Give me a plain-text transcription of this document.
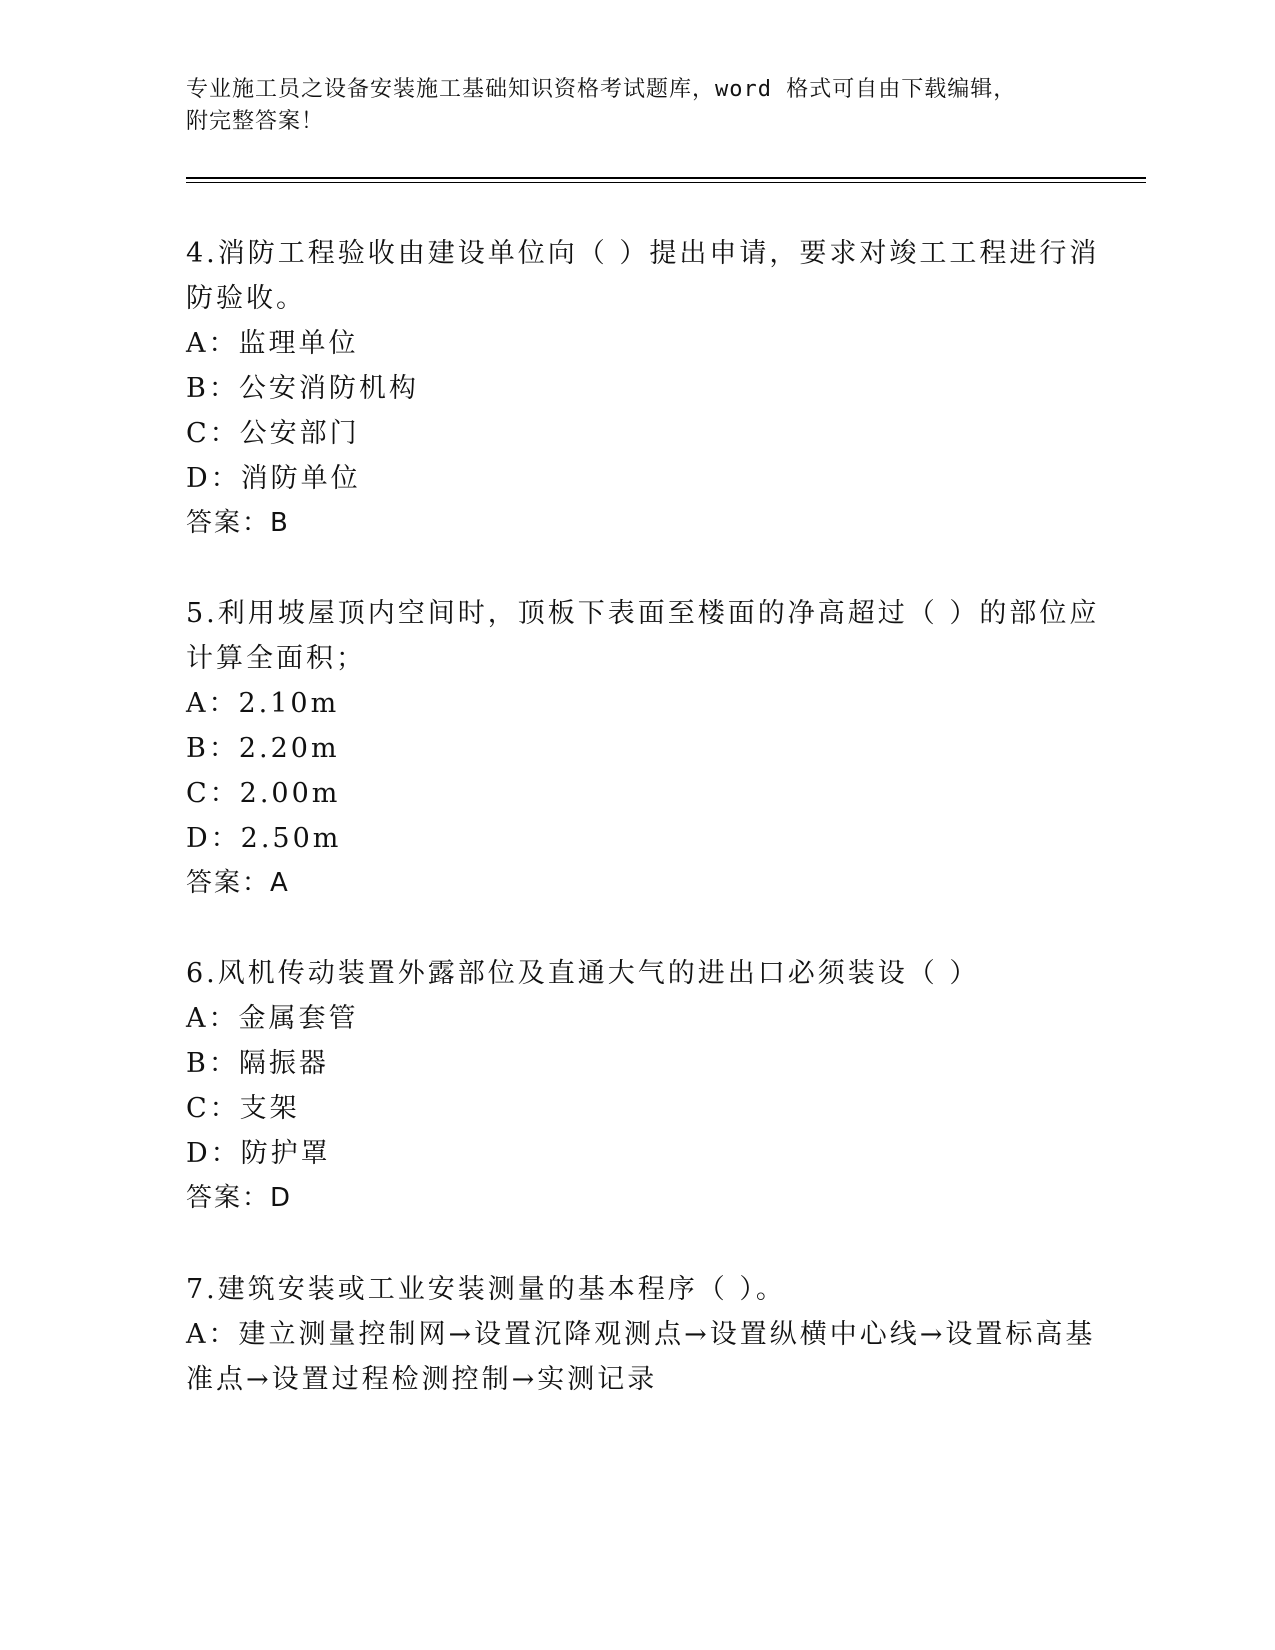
专业施工员之设备安装施工基础知识资格考试题库，word 格式可自由下载编辑，
附完整答案！
4.消防工程验收由建设单位向（ ）提出申请，要求对竣工工程进行消
防验收。
A：监理单位
B：公安消防机构
C：公安部门
D：消防单位
答案：B
5.利用坡屋顶内空间时，顶板下表面至楼面的净高超过（ ）的部位应
计算全面积；
A：2.10m
B：2.20m
C：2.00m
D：2.50m
答案：A
6.风机传动装置外露部位及直通大气的进出口必须装设（ ）
A：金属套管
B：隔振器
C：支架
D：防护罩
答案：D
7.建筑安装或工业安装测量的基本程序（ ）。
A：建立测量控制网→设置沉降观测点→设置纵横中心线→设置标高基
准点→设置过程检测控制→实测记录
